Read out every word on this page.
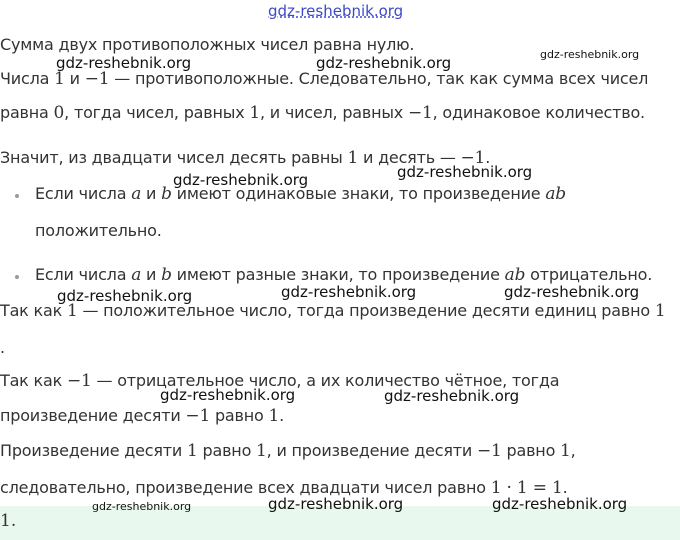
gdz-reshebnik.org

Сумма двух противоположных чисел равна нулю.

Числа 1 и −1 — противоположные. Следовательно, так как сумма всех чисел

равна 0, тогда чисел, равных 1, и чисел, равных −1, одинаковое количество.

Значит, из двадцати чисел десять равны 1 и десять — −1.

Если числа a и b имеют одинаковые знаки, то произведение ab

положительно.

Если числа a и b имеют разные знаки, то произведение ab отрицательно.

Так как 1 — положительное число, тогда произведение десяти единиц равно 1

.

Так как −1 — отрицательное число, а их количество чётное, тогда

произведение десяти −1 равно 1.

Произведение десяти 1 равно 1, и произведение десяти −1 равно 1,

следовательно, произведение всех двадцати чисел равно 1 · 1 = 1.

1.
gdz-reshebnik.org
gdz-reshebnik.org	gdz-reshebnik.org
gdz-reshebnik.org
gdz-reshebnik.org
gdz-reshebnik.org	gdz-reshebnik.org	gdz-reshebnik.org
gdz-reshebnik.org	gdz-reshebnik.org
gdz-reshebnik.org	gdz-reshebnik.org	gdz-reshebnik.org
